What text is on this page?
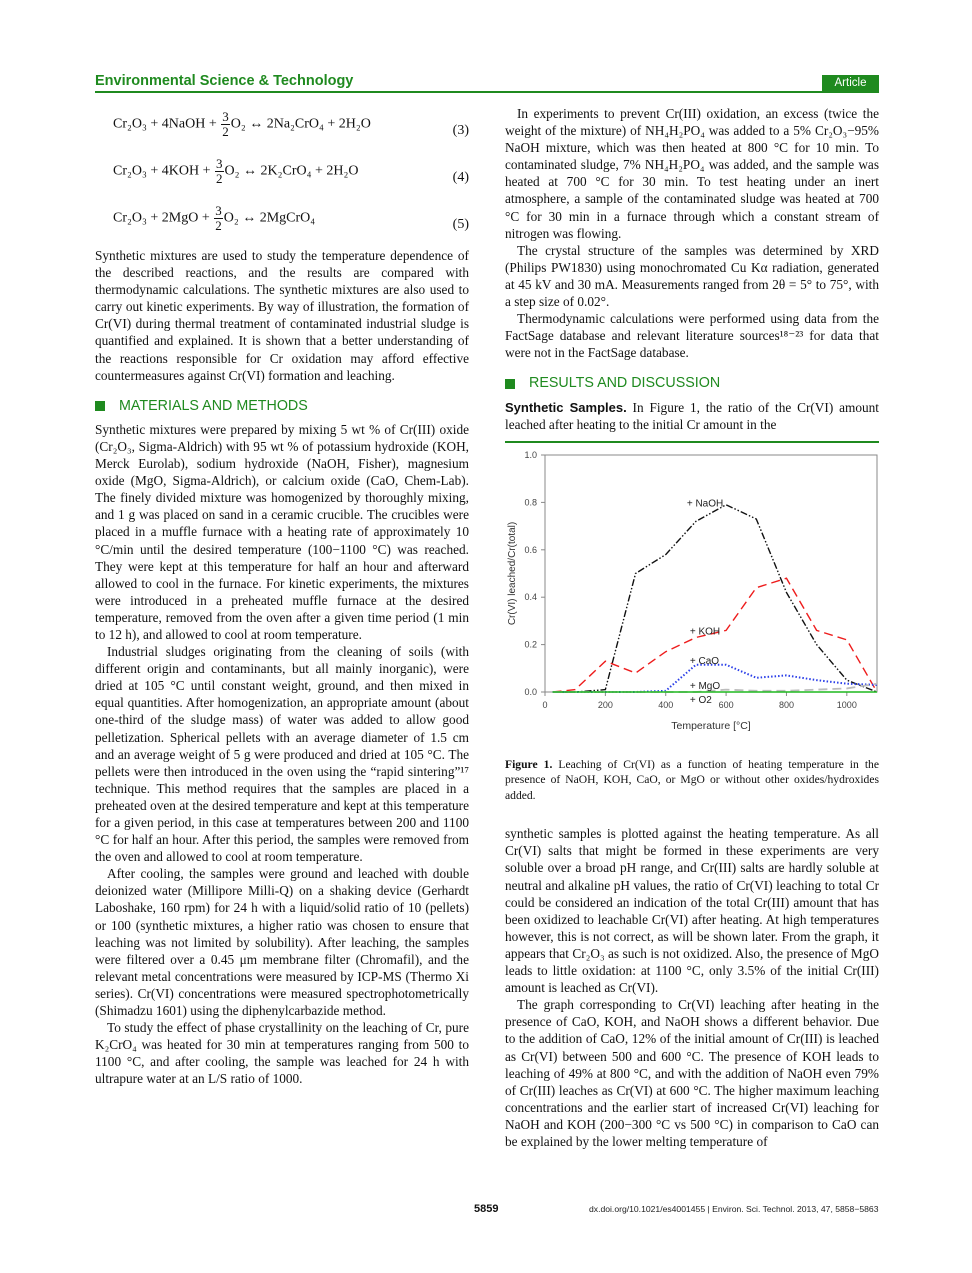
Environmental Science & Technology	Article
Cr₂O₃ + 4NaOH + $\frac{3}{2} O_2$ ↔ 2Na₂CrO₄ + 2H₂O	(3)
$Cr_2O_3 + 4KOH + \frac{3}{2} O_2$ ↔ 2K₂CrO₄ + 2H₂O	(4)
$Cr_2O_3 + 2MgO + \frac{3}{2} O_2$ ↔ 2MgCrO₄	(5)

Synthetic mixtures are used to study the temperature dependence of the described reactions, and the results are compared with thermodynamic calculations. The synthetic mixtures are also used to carry out kinetic experiments. By way of illustration, the formation of Cr(VI) during thermal treatment of contaminated industrial sludge is quantified and explained. It is shown that a better understanding of the reactions responsible for Cr oxidation may afford effective countermeasures against Cr(VI) formation and leaching.

MATERIALS AND METHODS

Synthetic mixtures were prepared by mixing 5 wt % of Cr(III) oxide (Cr₂O₃, Sigma-Aldrich) with 95 wt % of potassium hydroxide (KOH, Merck Eurolab), sodium hydroxide (NaOH, Fisher), magnesium oxide (MgO, Sigma-Aldrich), or calcium oxide (CaO, Chem-Lab). The finely divided mixture was homogenized by thoroughly mixing, and 1 g was placed on sand in a ceramic crucible. The crucibles were placed in a muffle furnace with a heating rate of approximately 10 °C/min until the desired temperature (100−1100 °C) was reached. They were kept at this temperature for half an hour and afterward allowed to cool in the furnace. For kinetic experiments, the mixtures were introduced in a preheated muffle furnace at the desired temperature, removed from the oven after a given time period (1 min to 12 h), and allowed to cool at room temperature.

Industrial sludges originating from the cleaning of soils (with different origin and contaminants, but all mainly inorganic), were dried at 105 °C until constant weight, ground, and then mixed in equal quantities. After homogenization, an appropriate amount (about one-third of the sludge mass) of water was added to allow good pelletization. Spherical pellets with an average diameter of 1.5 cm and an average weight of 5 g were produced and dried at 105 °C. The pellets were then introduced in the oven using the “rapid sintering”¹⁷ technique. This method requires that the samples are placed in a preheated oven at the desired temperature and kept at this temperature for a given period, in this case at temperatures between 200 and 1100 °C for half an hour. After this period, the samples were removed from the oven and allowed to cool at room temperature.

After cooling, the samples were ground and leached with double deionized water (Millipore Milli-Q) on a shaking device (Gerhardt Laboshake, 160 rpm) for 24 h with a liquid/solid ratio of 10 (pellets) or 100 (synthetic mixtures, a higher ratio was chosen to ensure that leaching was not limited by solubility). After leaching, the samples were filtered over a 0.45 μm membrane filter (Chromafil), and the relevant metal concentrations were measured by ICP-MS (Thermo Xi series). Cr(VI) concentrations were measured spectrophotometrically (Shimadzu 1601) using the diphenylcarbazide method.

To study the effect of phase crystallinity on the leaching of Cr, pure K₂CrO₄ was heated for 30 min at temperatures ranging from 500 to 1100 °C, and after cooling, the sample was leached for 24 h with ultrapure water at an L/S ratio of 1000.

In experiments to prevent Cr(III) oxidation, an excess (twice the weight of the mixture) of NH₄H₂PO₄ was added to a 5% Cr₂O₃−95% NaOH mixture, which was then heated at 800 °C for 10 min. To contaminated sludge, 7% NH₄H₂PO₄ was added, and the sample was heated at 700 °C for 30 min. To test heating under an inert atmosphere, a sample of the contaminated sludge was heated at 700 °C for 30 min in a furnace through which a constant stream of nitrogen was flowing.

The crystal structure of the samples was determined by XRD (Philips PW1830) using monochromated Cu Kα radiation, generated at 45 kV and 30 mA. Measurements ranged from 2θ = 5° to 75°, with a step size of 0.02°.

Thermodynamic calculations were performed using data from the FactSage database and relevant literature sources¹⁸⁻²³ for data that were not in the FactSage database.

RESULTS AND DISCUSSION

Synthetic Samples. In Figure 1, the ratio of the Cr(VI) amount leached after heating to the initial Cr amount in the

0.0
0.2
0.4
0.6
0.8
1.0
0	200	400	600	800	1000
Temperature [°C]
Cr(VI) leached/Cr(total)
+ NaOH
+ KOH
+ CaO
+ MgO
+ O2
Figure 1. Leaching of Cr(VI) as a function of heating temperature in the presence of NaOH, KOH, CaO, or MgO or without other oxides/hydroxides added.

synthetic samples is plotted against the heating temperature. As all Cr(VI) salts that might be formed in these experiments are very soluble over a broad pH range, and Cr(III) salts are hardly soluble at neutral and alkaline pH values, the ratio of Cr(VI) leaching to total Cr could be considered an indication of the total Cr(III) amount that has been oxidized to leachable Cr(VI) after heating. At high temperatures however, this is not correct, as will be shown later. From the graph, it appears that Cr₂O₃ as such is not oxidized. Also, the presence of MgO leads to little oxidation: at 1100 °C, only 3.5% of the initial Cr(III) amount is leached as Cr(VI).

The graph corresponding to Cr(VI) leaching after heating in the presence of CaO, KOH, and NaOH shows a different behavior. Due to the addition of CaO, 12% of the initial amount of Cr(III) is leached as Cr(VI) between 500 and 600 °C. The presence of KOH leads to leaching of 49% at 800 °C, and with the addition of NaOH even 79% of Cr(III) leaches as Cr(VI) at 600 °C. The higher maximum leaching concentrations and the earlier start of increased Cr(VI) leaching for NaOH and KOH (200−300 °C vs 500 °C) in comparison to CaO can be explained by the lower melting temperature of

5859	dx.doi.org/10.1021/es4001455 | Environ. Sci. Technol. 2013, 47, 5858−5863
